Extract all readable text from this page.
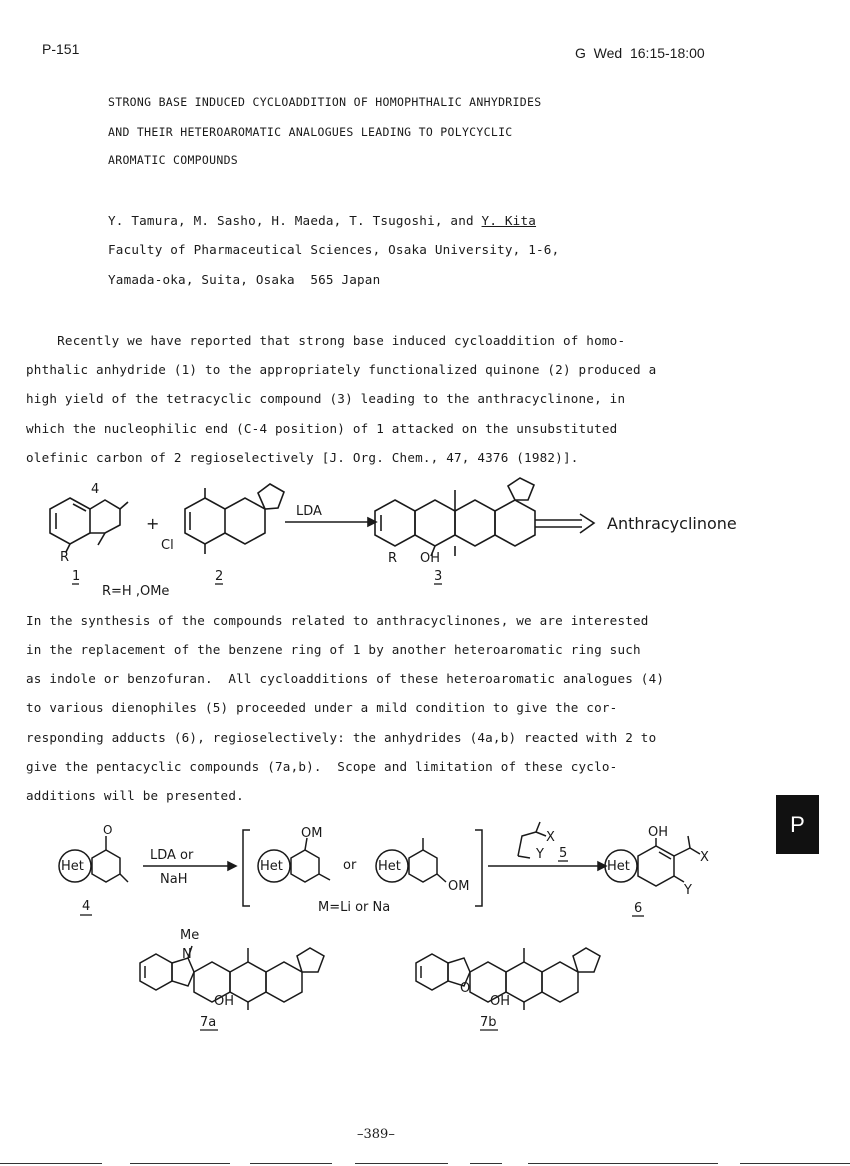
P-151	G  Wed  16:15-18:00
STRONG BASE INDUCED CYCLOADDITION OF HOMOPHTHALIC ANHYDRIDES
AND THEIR HETEROAROMATIC ANALOGUES LEADING TO POLYCYCLIC
AROMATIC COMPOUNDS
Y. Tamura, M. Sasho, H. Maeda, T. Tsugoshi, and Y. Kita
Faculty of Pharmaceutical Sciences, Osaka University, 1-6,
Yamada-oka, Suita, Osaka  565 Japan
Recently we have reported that strong base induced cycloaddition of homo-
phthalic anhydride (1) to the appropriately functionalized quinone (2) produced a
high yield of the tetracyclic compound (3) leading to the anthracyclinone, in
which the nucleophilic end (C-4 position) of 1 attacked on the unsubstituted
olefinic carbon of 2 regioselectively [J. Org. Chem., 47, 4376 (1982)].
4
+
Cl
R	R OH
LDA
Anthracyclinone
1	2	3
R=H ,OMe
In the synthesis of the compounds related to anthracyclinones, we are interested
in the replacement of the benzene ring of 1 by another heteroaromatic ring such
as indole or benzofuran.  All cycloadditions of these heteroaromatic analogues (4)
to various dienophiles (5) proceeded under a mild condition to give the cor-
responding adducts (6), regioselectively: the anhydrides (4a,b) reacted with 2 to
give the pentacyclic compounds (7a,b).  Scope and limitation of these cyclo-
additions will be presented.
P
Het
O
LDA or
NaH
Het
OM
or Het
OM
M=Li or Na
X
Y 5
Het
OH
X
Y
4	6
Me
N
OH
O
OH
7a	7b
–389–
